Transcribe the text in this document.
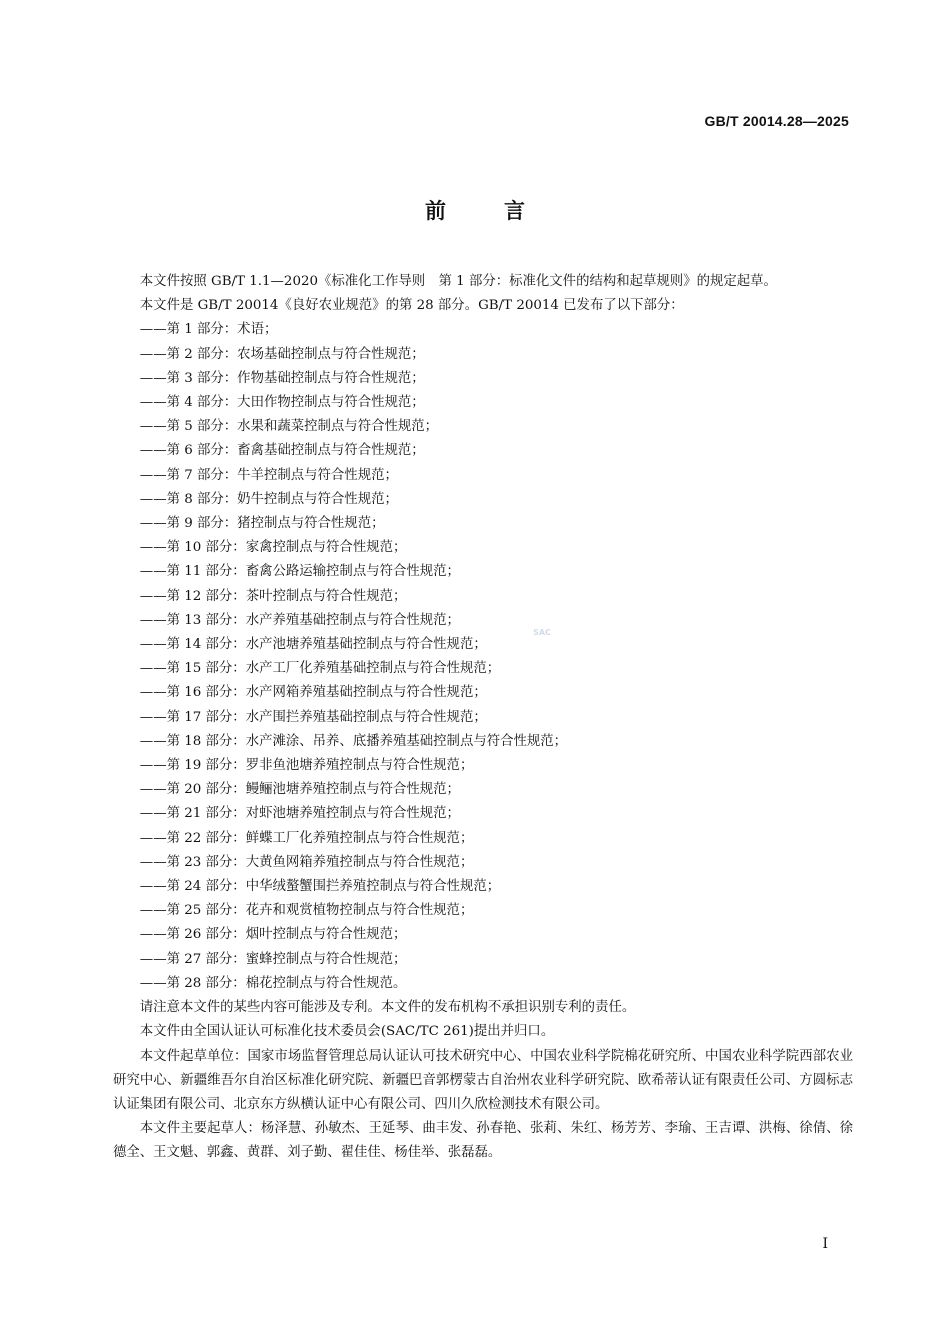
GB/T 20014.28—2025
前言

本文件按照 GB/T 1.1—2020《标准化工作导则　第 1 部分：标准化文件的结构和起草规则》的规定起草。

本文件是 GB/T 20014《良好农业规范》的第 28 部分。GB/T 20014 已发布了以下部分：

——第 1 部分：术语；

——第 2 部分：农场基础控制点与符合性规范；

——第 3 部分：作物基础控制点与符合性规范；

——第 4 部分：大田作物控制点与符合性规范；

——第 5 部分：水果和蔬菜控制点与符合性规范；

——第 6 部分：畜禽基础控制点与符合性规范；

——第 7 部分：牛羊控制点与符合性规范；

——第 8 部分：奶牛控制点与符合性规范；

——第 9 部分：猪控制点与符合性规范；

——第 10 部分：家禽控制点与符合性规范；

——第 11 部分：畜禽公路运输控制点与符合性规范；

——第 12 部分：茶叶控制点与符合性规范；

——第 13 部分：水产养殖基础控制点与符合性规范；

——第 14 部分：水产池塘养殖基础控制点与符合性规范；

——第 15 部分：水产工厂化养殖基础控制点与符合性规范；

——第 16 部分：水产网箱养殖基础控制点与符合性规范；

——第 17 部分：水产围拦养殖基础控制点与符合性规范；

——第 18 部分：水产滩涂、吊养、底播养殖基础控制点与符合性规范；

——第 19 部分：罗非鱼池塘养殖控制点与符合性规范；

——第 20 部分：鳗鲡池塘养殖控制点与符合性规范；

——第 21 部分：对虾池塘养殖控制点与符合性规范；

——第 22 部分：鲜蝶工厂化养殖控制点与符合性规范；

——第 23 部分：大黄鱼网箱养殖控制点与符合性规范；

——第 24 部分：中华绒螯蟹围拦养殖控制点与符合性规范；

——第 25 部分：花卉和观赏植物控制点与符合性规范；

——第 26 部分：烟叶控制点与符合性规范；

——第 27 部分：蜜蜂控制点与符合性规范；

——第 28 部分：棉花控制点与符合性规范。

请注意本文件的某些内容可能涉及专利。本文件的发布机构不承担识别专利的责任。

本文件由全国认证认可标准化技术委员会(SAC/TC 261)提出并归口。

本文件起草单位：国家市场监督管理总局认证认可技术研究中心、中国农业科学院棉花研究所、中国农业科学院西部农业研究中心、新疆维吾尔自治区标准化研究院、新疆巴音郭楞蒙古自治州农业科学研究院、欧希蒂认证有限责任公司、方圆标志认证集团有限公司、北京东方纵横认证中心有限公司、四川久欣检测技术有限公司。

本文件主要起草人：杨泽慧、孙敏杰、王延琴、曲丰发、孙春艳、张莉、朱红、杨芳芳、李瑜、王吉谭、洪梅、徐倩、徐德全、王文魁、郭鑫、黄群、刘子勤、翟佳佳、杨佳举、张磊磊。

SAC
I
